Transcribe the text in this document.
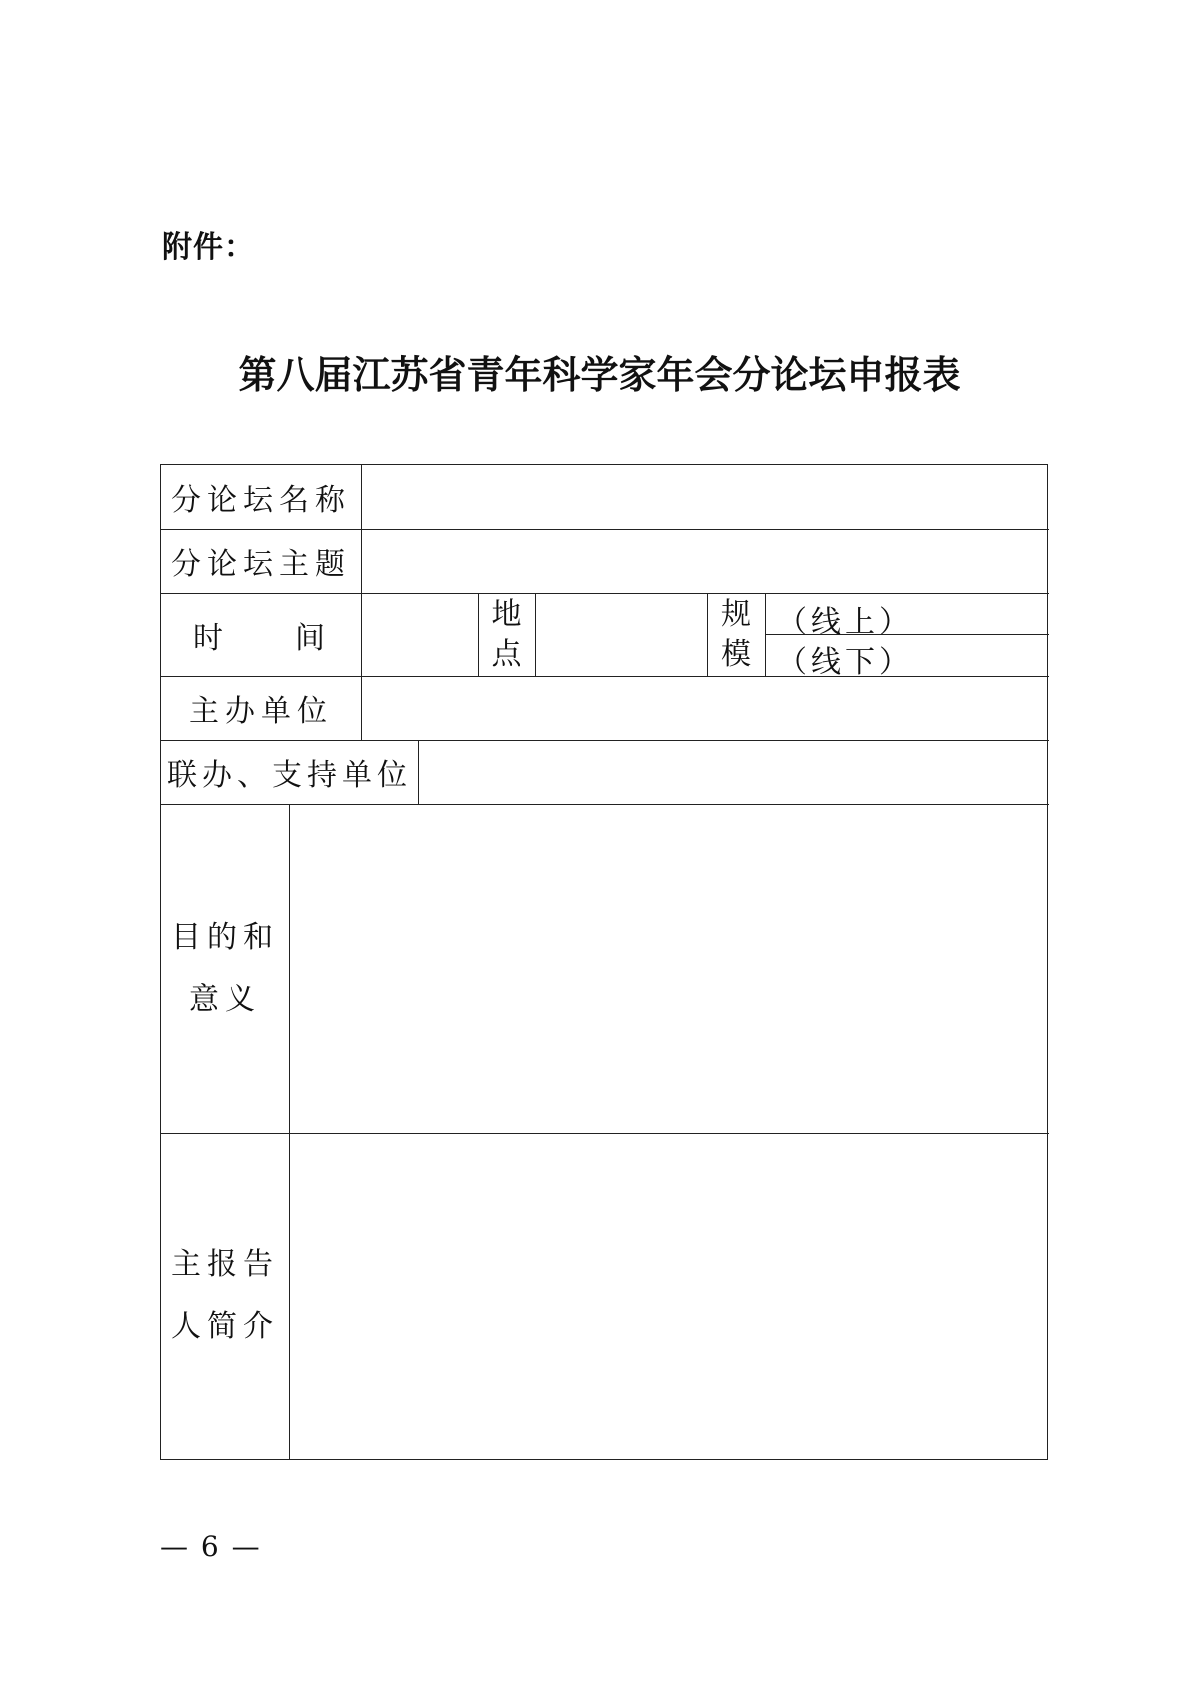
附件：
第八届江苏省青年科学家年会分论坛申报表
分论坛名称
分论坛主题
时　　间
地
点
规
模
（线上）
（线下）
主办单位
联办、支持单位
目的和
意义
主报告
人简介
— 6 —
